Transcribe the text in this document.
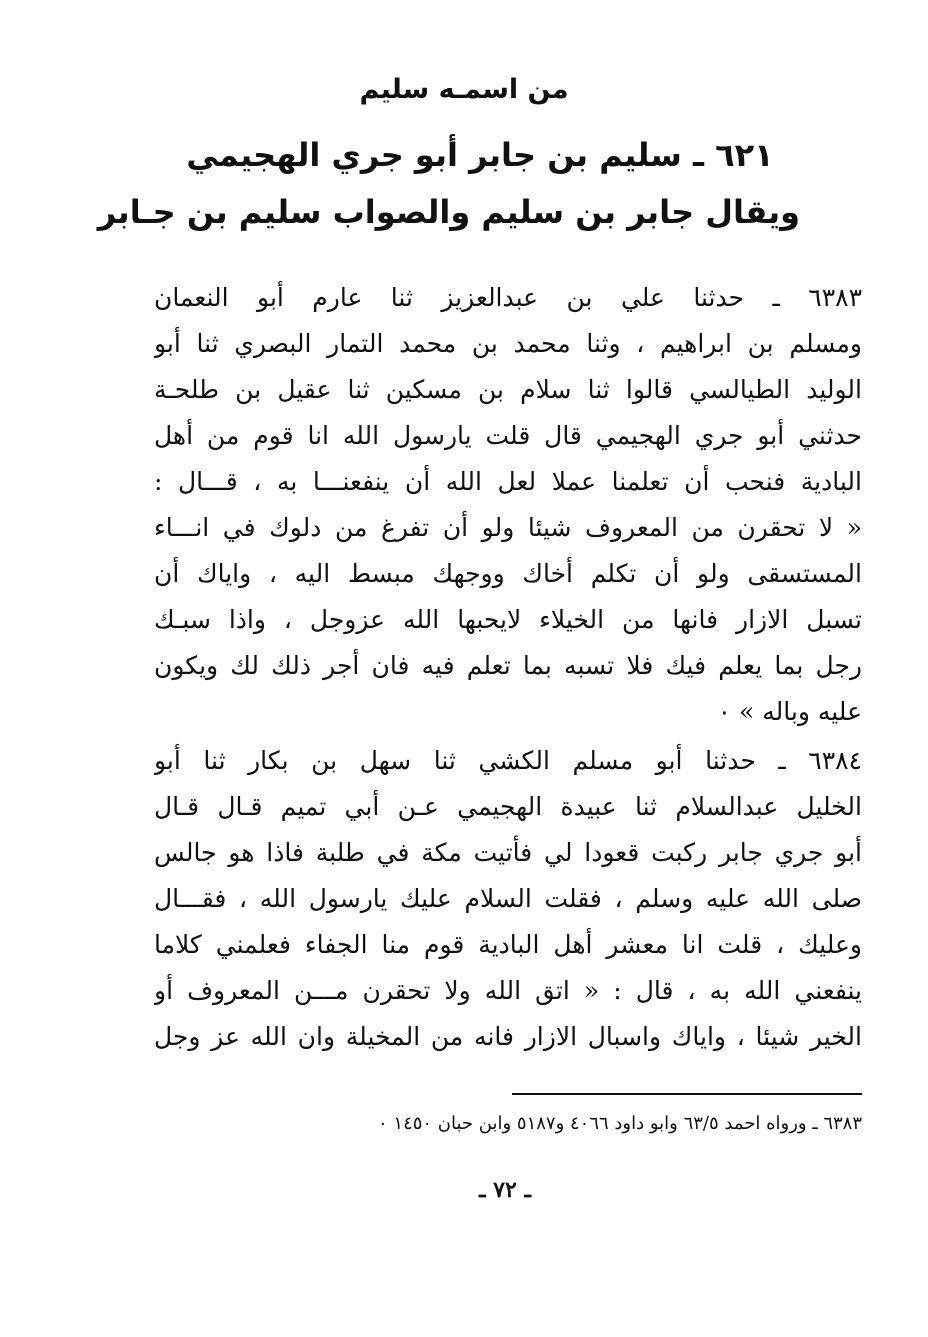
من اسمـه سليم
٦٢١ ـ سليم بن جابر أبو جري الهجيمي
ويقال جابر بن سليم والصواب سليم بن جـابر
٦٣٨٣ ـ حدثنا علي بن عبدالعزيز ثنا عارم أبو النعمان
ومسلم بن ابراهيم ، وثنا محمد بن محمد التمار البصري ثنا أبو
الوليد الطيالسي قالوا ثنا سلام بن مسكين ثنا عقيل بن طلحـة
حدثني أبو جري الهجيمي قال قلت يارسول الله انا قوم من أهل
البادية فنحب أن تعلمنا عملا لعل الله أن ينفعنـــا به ، قـــال :
« لا تحقرن من المعروف شيئا ولو أن تفرغ من دلوك في انـــاء
المستسقى ولو أن تكلم أخاك ووجهك مبسط اليه ، واياك أن
تسبل الازار فانها من الخيلاء لايحبها الله عزوجل ، واذا سبـك
رجل بما يعلم فيك فلا تسبه بما تعلم فيه فان أجر ذلك لك ويكون
عليه وباله » ٠
٦٣٨٤ ـ حدثنا أبو مسلم الكشي ثنا سهل بن بكار ثنا أبو
الخليل عبدالسلام ثنا عبيدة الهجيمي عـن أبي تميم قـال قـال
أبو جري جابر ركبت قعودا لي فأتيت مكة في طلبة فاذا هو جالس
صلى الله عليه وسلم ، فقلت السلام عليك يارسول الله ، فقـــال
وعليك ، قلت انا معشر أهل البادية قوم منا الجفاء فعلمني كلاما
ينفعني الله به ، قال : « اتق الله ولا تحقرن مـــن المعروف أو
الخير شيئا ، واياك واسبال الازار فانه من المخيلة وان الله عز وجل
٦٣٨٣ ـ ورواه احمد ٦٣/٥ وابو داود ٤٠٦٦ و٥١٨٧ وابن حبان ١٤٥٠ ٠
ـ ٧٢ ـ
